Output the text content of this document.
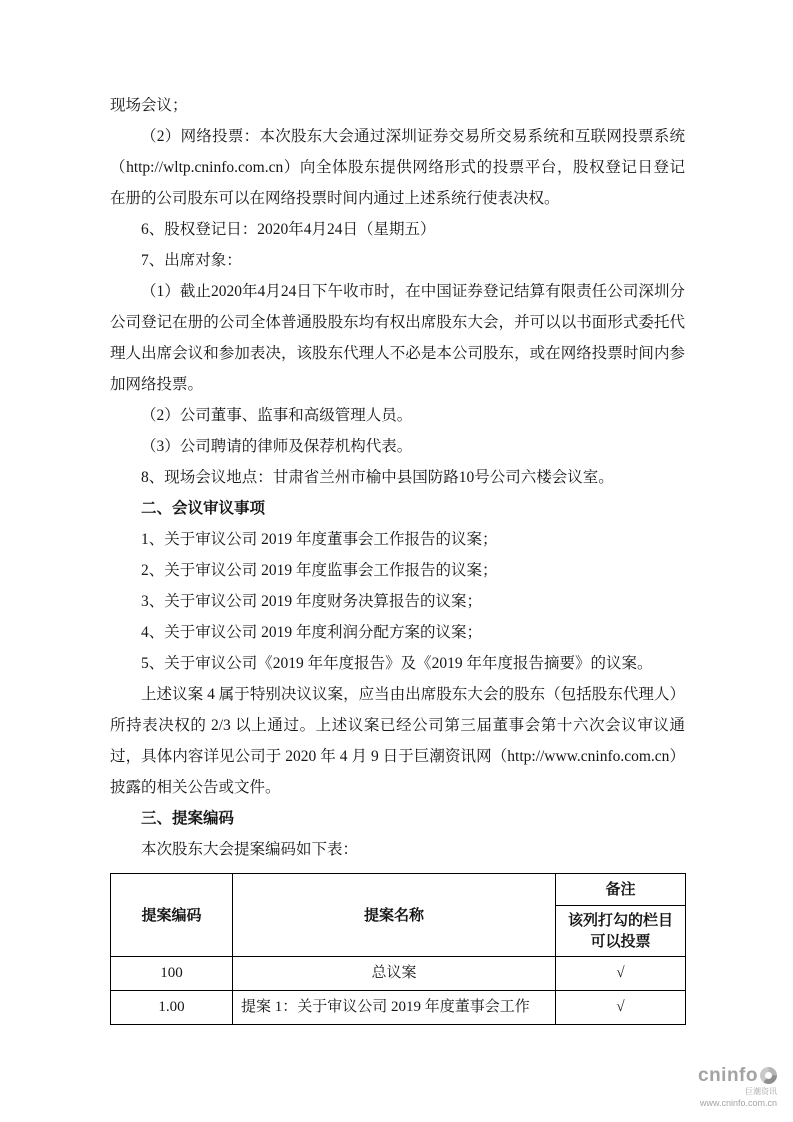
现场会议；

（2）网络投票：本次股东大会通过深圳证券交易所交易系统和互联网投票系统（http://wltp.cninfo.com.cn）向全体股东提供网络形式的投票平台，股权登记日登记在册的公司股东可以在网络投票时间内通过上述系统行使表决权。

6、股权登记日：2020年4月24日（星期五）

7、出席对象：

（1）截止2020年4月24日下午收市时，在中国证券登记结算有限责任公司深圳分公司登记在册的公司全体普通股股东均有权出席股东大会，并可以以书面形式委托代理人出席会议和参加表决，该股东代理人不必是本公司股东，或在网络投票时间内参加网络投票。

（2）公司董事、监事和高级管理人员。

（3）公司聘请的律师及保荐机构代表。

8、现场会议地点：甘肃省兰州市榆中县国防路10号公司六楼会议室。

二、会议审议事项

1、关于审议公司 2019 年度董事会工作报告的议案；

2、关于审议公司 2019 年度监事会工作报告的议案；

3、关于审议公司 2019 年度财务决算报告的议案；

4、关于审议公司 2019 年度利润分配方案的议案；

5、关于审议公司《2019 年年度报告》及《2019 年年度报告摘要》的议案。

上述议案 4 属于特别决议议案，应当由出席股东大会的股东（包括股东代理人）所持表决权的 2/3 以上通过。上述议案已经公司第三届董事会第十六次会议审议通过，具体内容详见公司于 2020 年 4 月 9 日于巨潮资讯网（http://www.cninfo.com.cn）披露的相关公告或文件。

三、提案编码

本次股东大会提案编码如下表：

提案编码	提案名称	备注
		该列打勾的栏目可以投票
100	总议案	√
1.00	提案 1：关于审议公司 2019 年度董事会工作	√
cninfo
巨潮资讯
www.cninfo.com.cn
